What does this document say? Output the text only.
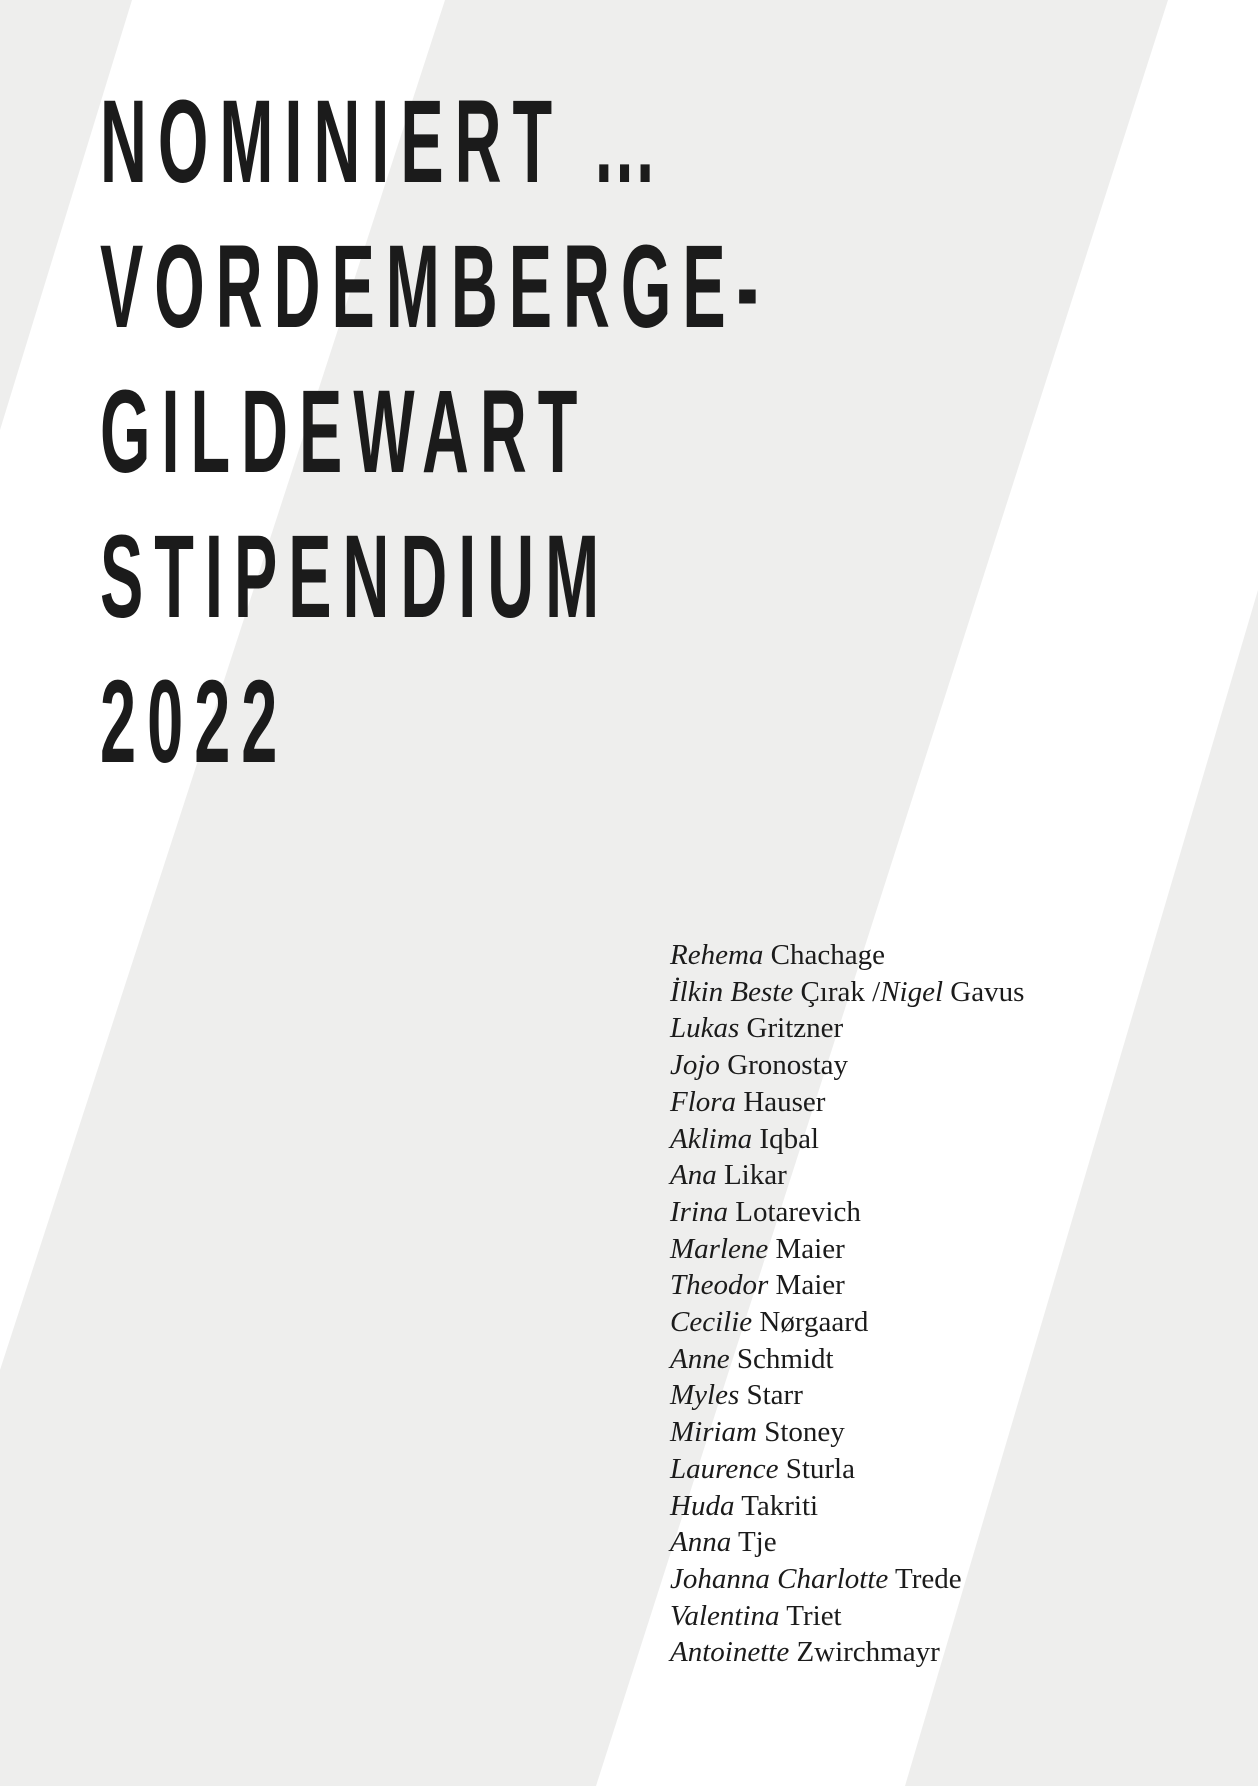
NOMINIERT …
VORDEMBERGE-
GILDEWART
STIPENDIUM
2022
Rehema Chachage
İlkin Beste Çırak /Nigel Gavus
Lukas Gritzner
Jojo Gronostay
Flora Hauser
Aklima Iqbal
Ana Likar
Irina Lotarevich
Marlene Maier
Theodor Maier
Cecilie Nørgaard
Anne Schmidt
Myles Starr
Miriam Stoney
Laurence Sturla
Huda Takriti
Anna Tje
Johanna Charlotte Trede
Valentina Triet
Antoinette Zwirchmayr
